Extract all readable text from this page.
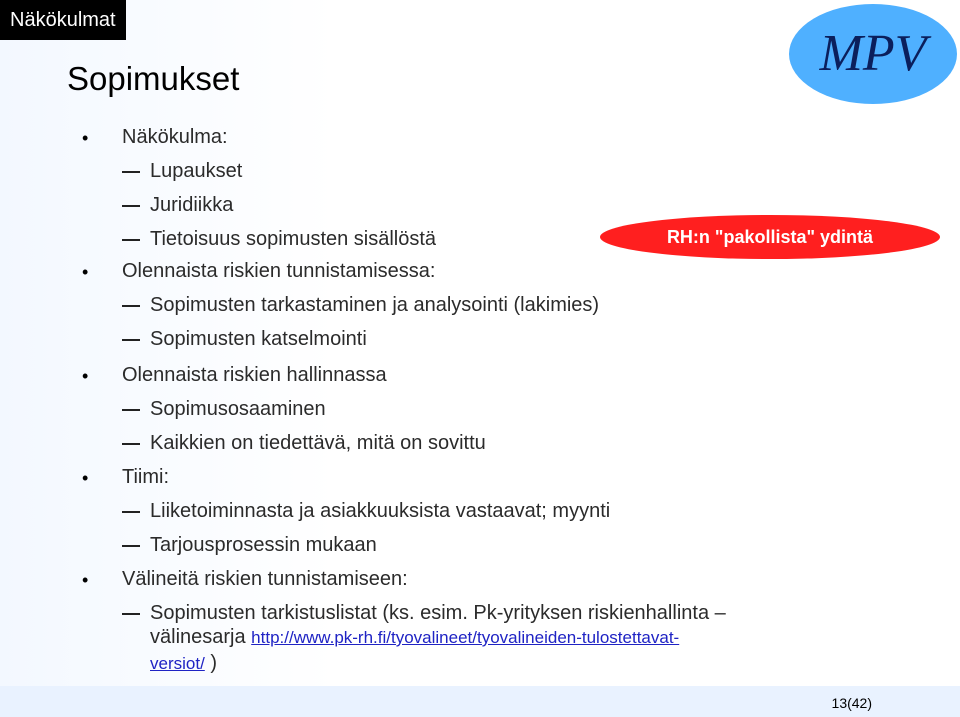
Näkökulmat
MPV
Sopimukset
• Näkökulma:
Lupaukset
Juridiikka
Tietoisuus sopimusten sisällöstä
• Olennaista riskien tunnistamisessa:
Sopimusten tarkastaminen ja analysointi (lakimies)
Sopimusten katselmointi
• Olennaista riskien hallinnassa
Sopimusosaaminen
Kaikkien on tiedettävä, mitä on sovittu
• Tiimi:
Liiketoiminnasta ja asiakkuuksista vastaavat; myynti
Tarjousprosessin mukaan
• Välineitä riskien tunnistamiseen:
Sopimusten tarkistuslistat (ks. esim. Pk-yrityksen riskienhallinta –
välinesarja http://www.pk-rh.fi/tyovalineet/tyovalineiden-tulostettavat-
versiot/ )
RH:n "pakollista" ydintä
13(42)
